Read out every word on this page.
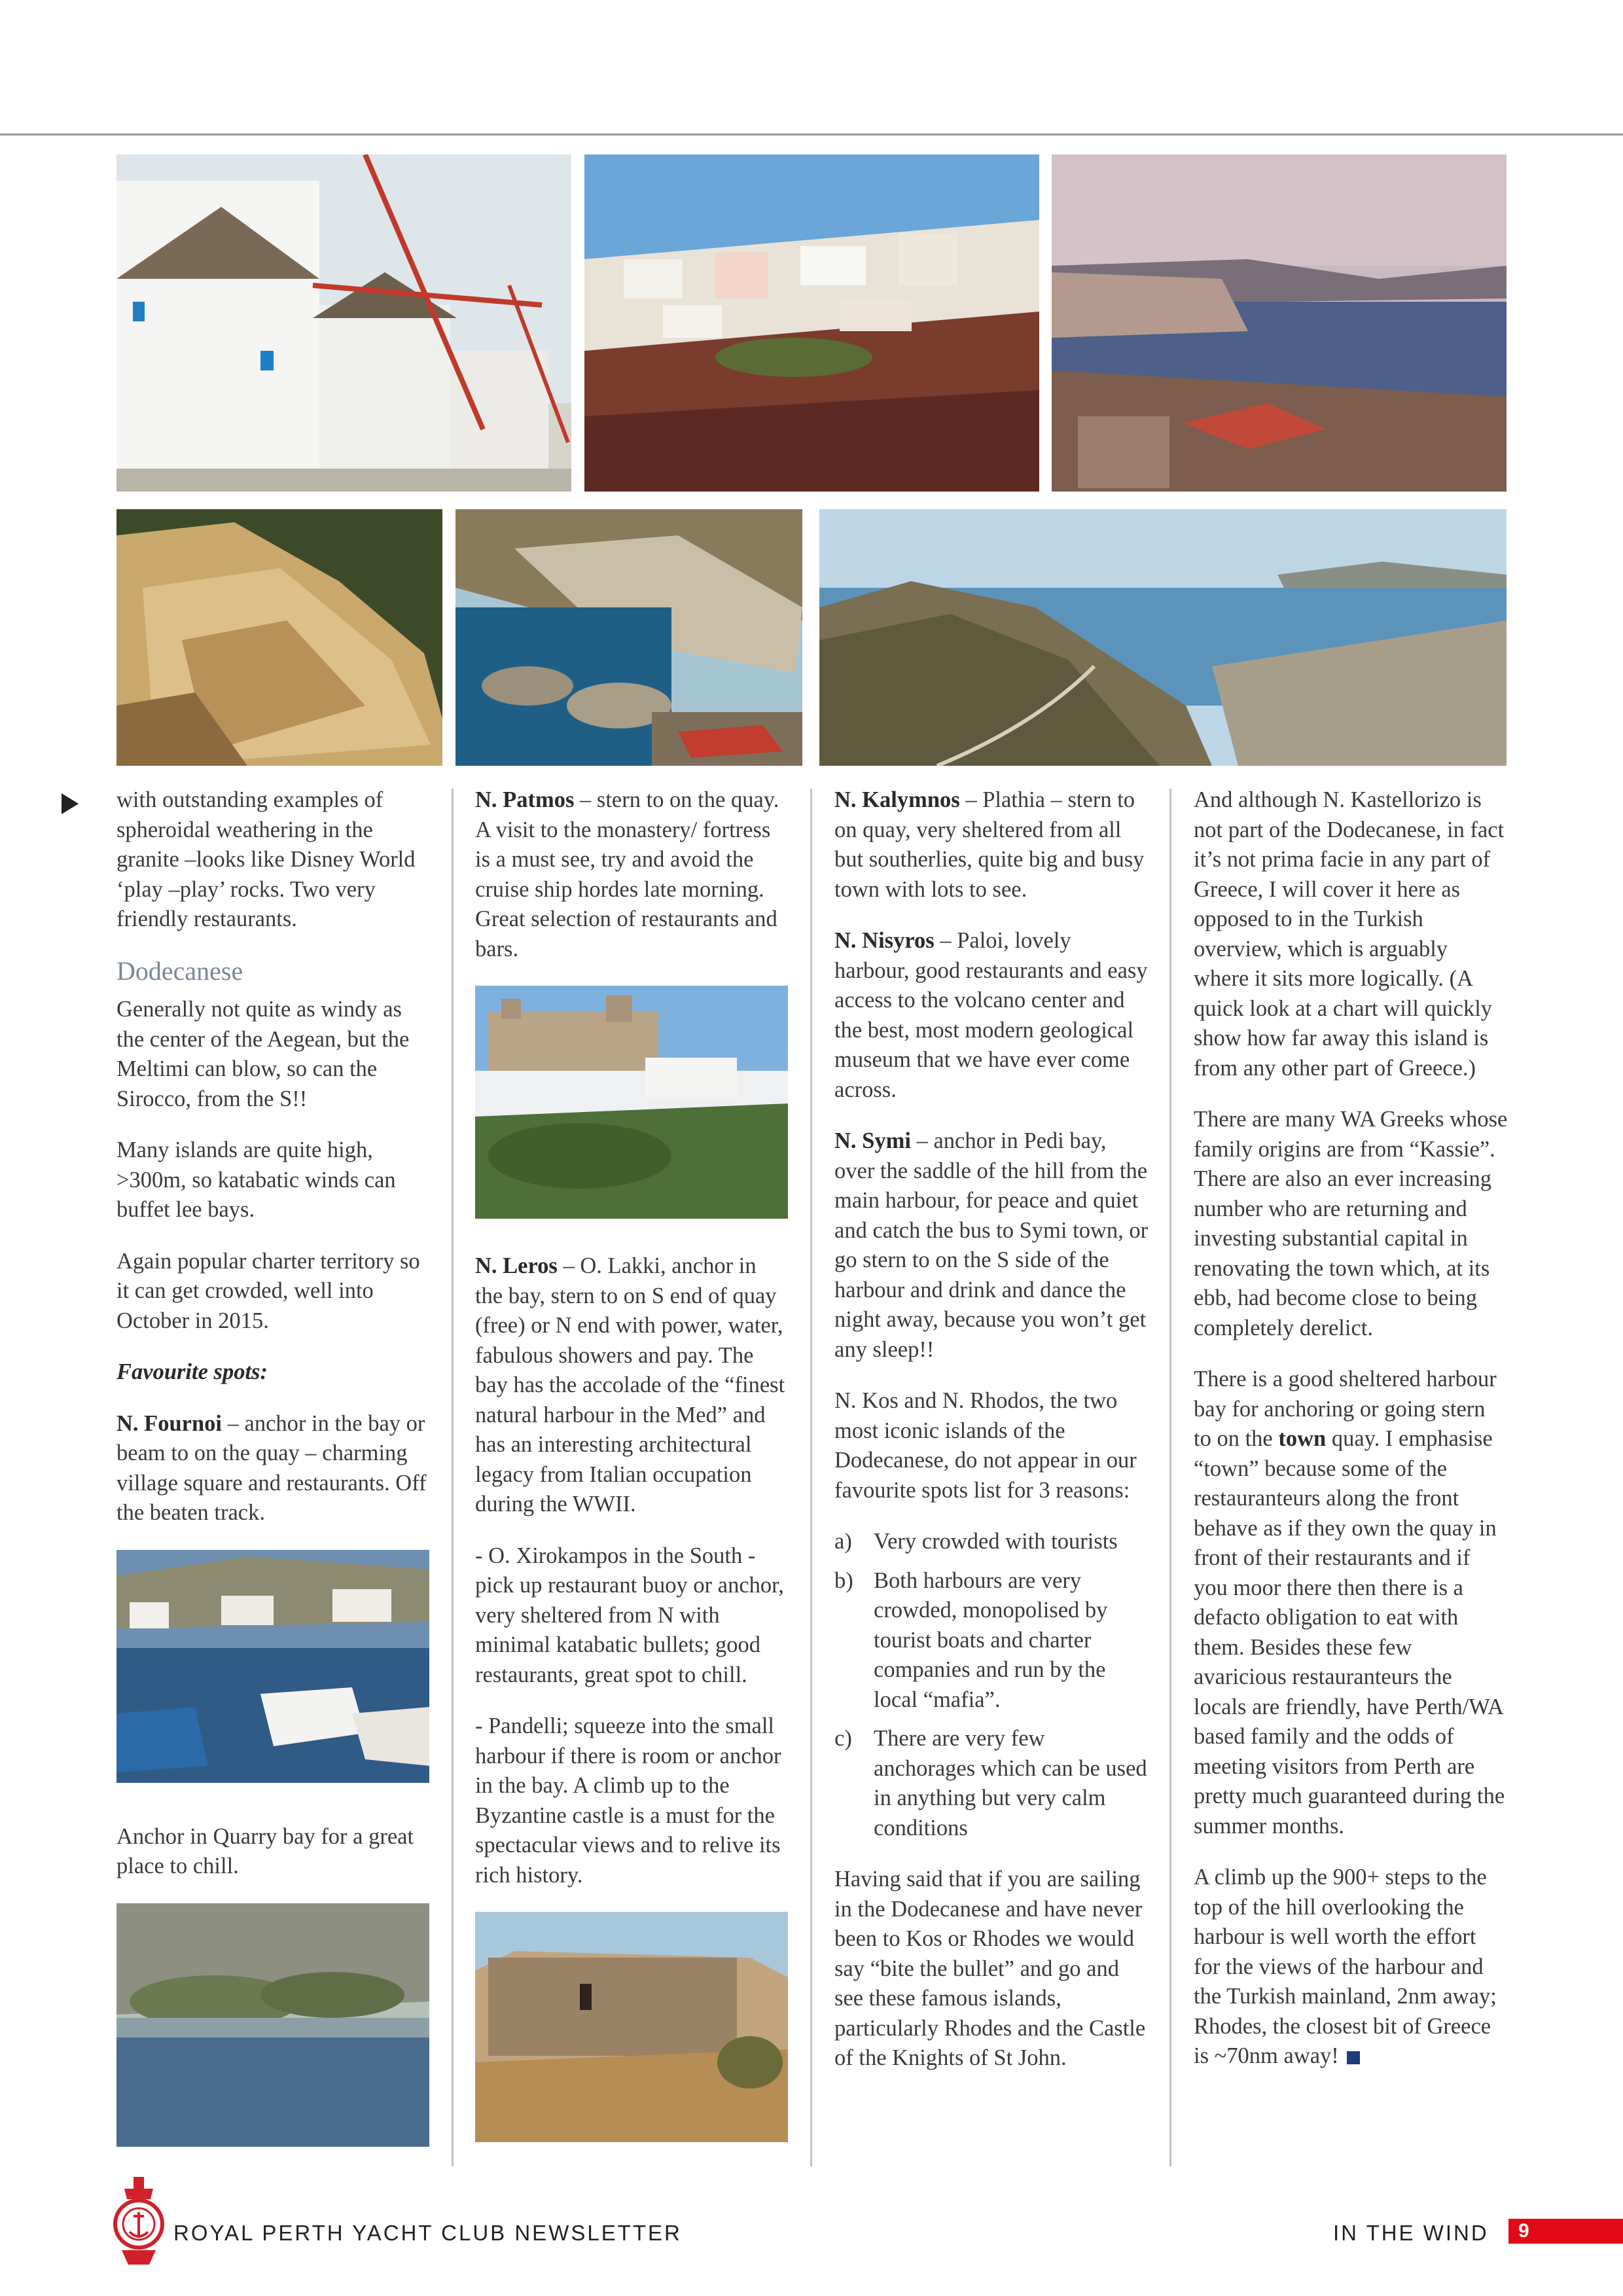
with outstanding examples of spheroidal weathering in the granite –looks like Disney World ‘play –play’ rocks. Two very friendly restaurants.

Dodecanese

Generally not quite as windy as the center of the Aegean, but the Meltimi can blow, so can the Sirocco, from the S!!

Many islands are quite high, >300m, so katabatic winds can buffet lee bays.

Again popular charter territory so it can get crowded, well into October in 2015.

Favourite spots:

N. Fournoi – anchor in the bay or beam to on the quay – charming village square and restaurants. Off the beaten track.

Anchor in Quarry bay for a great place to chill.

N. Patmos – stern to on the quay. A visit to the monastery/ fortress is a must see, try and avoid the cruise ship hordes late morning. Great selection of restaurants and bars.

N. Leros – O. Lakki, anchor in the bay, stern to on S end of quay (free) or N end with power, water, fabulous showers and pay. The bay has the accolade of the “finest natural harbour in the Med” and has an interesting architectural legacy from Italian occupation during the WWII.

- O. Xirokampos in the South - pick up restaurant buoy or anchor, very sheltered from N with minimal katabatic bullets; good restaurants, great spot to chill.

- Pandelli; squeeze into the small harbour if there is room or anchor in the bay. A climb up to the Byzantine castle is a must for the spectacular views and to relive its rich history.

N. Kalymnos – Plathia – stern to on quay, very sheltered from all but southerlies, quite big and busy town with lots to see.

N. Nisyros – Paloi, lovely harbour, good restaurants and easy access to the volcano center and the best, most modern geological museum that we have ever come across.

N. Symi – anchor in Pedi bay, over the saddle of the hill from the main harbour, for peace and quiet and catch the bus to Symi town, or go stern to on the S side of the harbour and drink and dance the night away, because you won’t get any sleep!!

N. Kos and N. Rhodos, the two most iconic islands of the Dodecanese, do not appear in our favourite spots list for 3 reasons:

a) Very crowded with tourists
b) Both harbours are very crowded, monopolised by tourist boats and charter companies and run by the local “mafia”.
c) There are very few anchorages which can be used in anything but very calm conditions

Having said that if you are sailing in the Dodecanese and have never been to Kos or Rhodes we would say “bite the bullet” and go and see these famous islands, particularly Rhodes and the Castle of the Knights of St John.

And although N. Kastellorizo is not part of the Dodecanese, in fact it’s not prima facie in any part of Greece, I will cover it here as opposed to in the Turkish overview, which is arguably where it sits more logically. (A quick look at a chart will quickly show how far away this island is from any other part of Greece.)

There are many WA Greeks whose family origins are from “Kassie”. There are also an ever increasing number who are returning and investing substantial capital in renovating the town which, at its ebb, had become close to being completely derelict.

There is a good sheltered harbour bay for anchoring or going stern to on the town quay. I emphasise “town” because some of the restauranteurs along the front behave as if they own the quay in front of their restaurants and if you moor there then there is a defacto obligation to eat with them. Besides these few avaricious restauranteurs the locals are friendly, have Perth/WA based family and the odds of meeting visitors from Perth are pretty much guaranteed during the summer months.

A climb up the 900+ steps to the top of the hill overlooking the harbour is well worth the effort for the views of the harbour and the Turkish mainland, 2nm away; Rhodes, the closest bit of Greece is ~70nm away!

ROYAL PERTH YACHT CLUB NEWSLETTER	IN THE WIND 9
